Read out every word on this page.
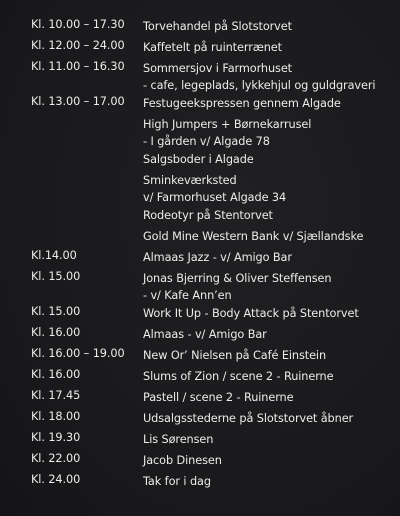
Kl. 10.00 – 17.30 Torvehandel på Slotstorvet
Kl. 12.00 – 24.00 Kaffetelt på ruinterrænet
Kl. 11.00 – 16.30 Sommersjov i Farmorhuset
- cafe, legeplads, lykkehjul og guldgraveri
Kl. 13.00 – 17.00 Festugeekspressen gennem Algade
High Jumpers + Børnekarrusel
- I gården v/ Algade 78
Salgsboder i Algade
Sminkeværksted
v/ Farmorhuset Algade 34
Rodeotyr på Stentorvet
Gold Mine Western Bank v/ Sjællandske
Kl.14.00	Almaas Jazz - v/ Amigo Bar
Kl. 15.00	Jonas Bjerring & Oliver Steffensen
- v/ Kafe Ann’en
Kl. 15.00	Work It Up - Body Attack på Stentorvet
Kl. 16.00	Almaas - v/ Amigo Bar
Kl. 16.00 – 19.00 New Or’ Nielsen på Café Einstein
Kl. 16.00	Slums of Zion / scene 2 - Ruinerne
Kl. 17.45	Pastell / scene 2 - Ruinerne
Kl. 18.00	Udsalgsstederne på Slotstorvet åbner
Kl. 19.30	Lis Sørensen
Kl. 22.00	Jacob Dinesen
Kl. 24.00	Tak for i dag
